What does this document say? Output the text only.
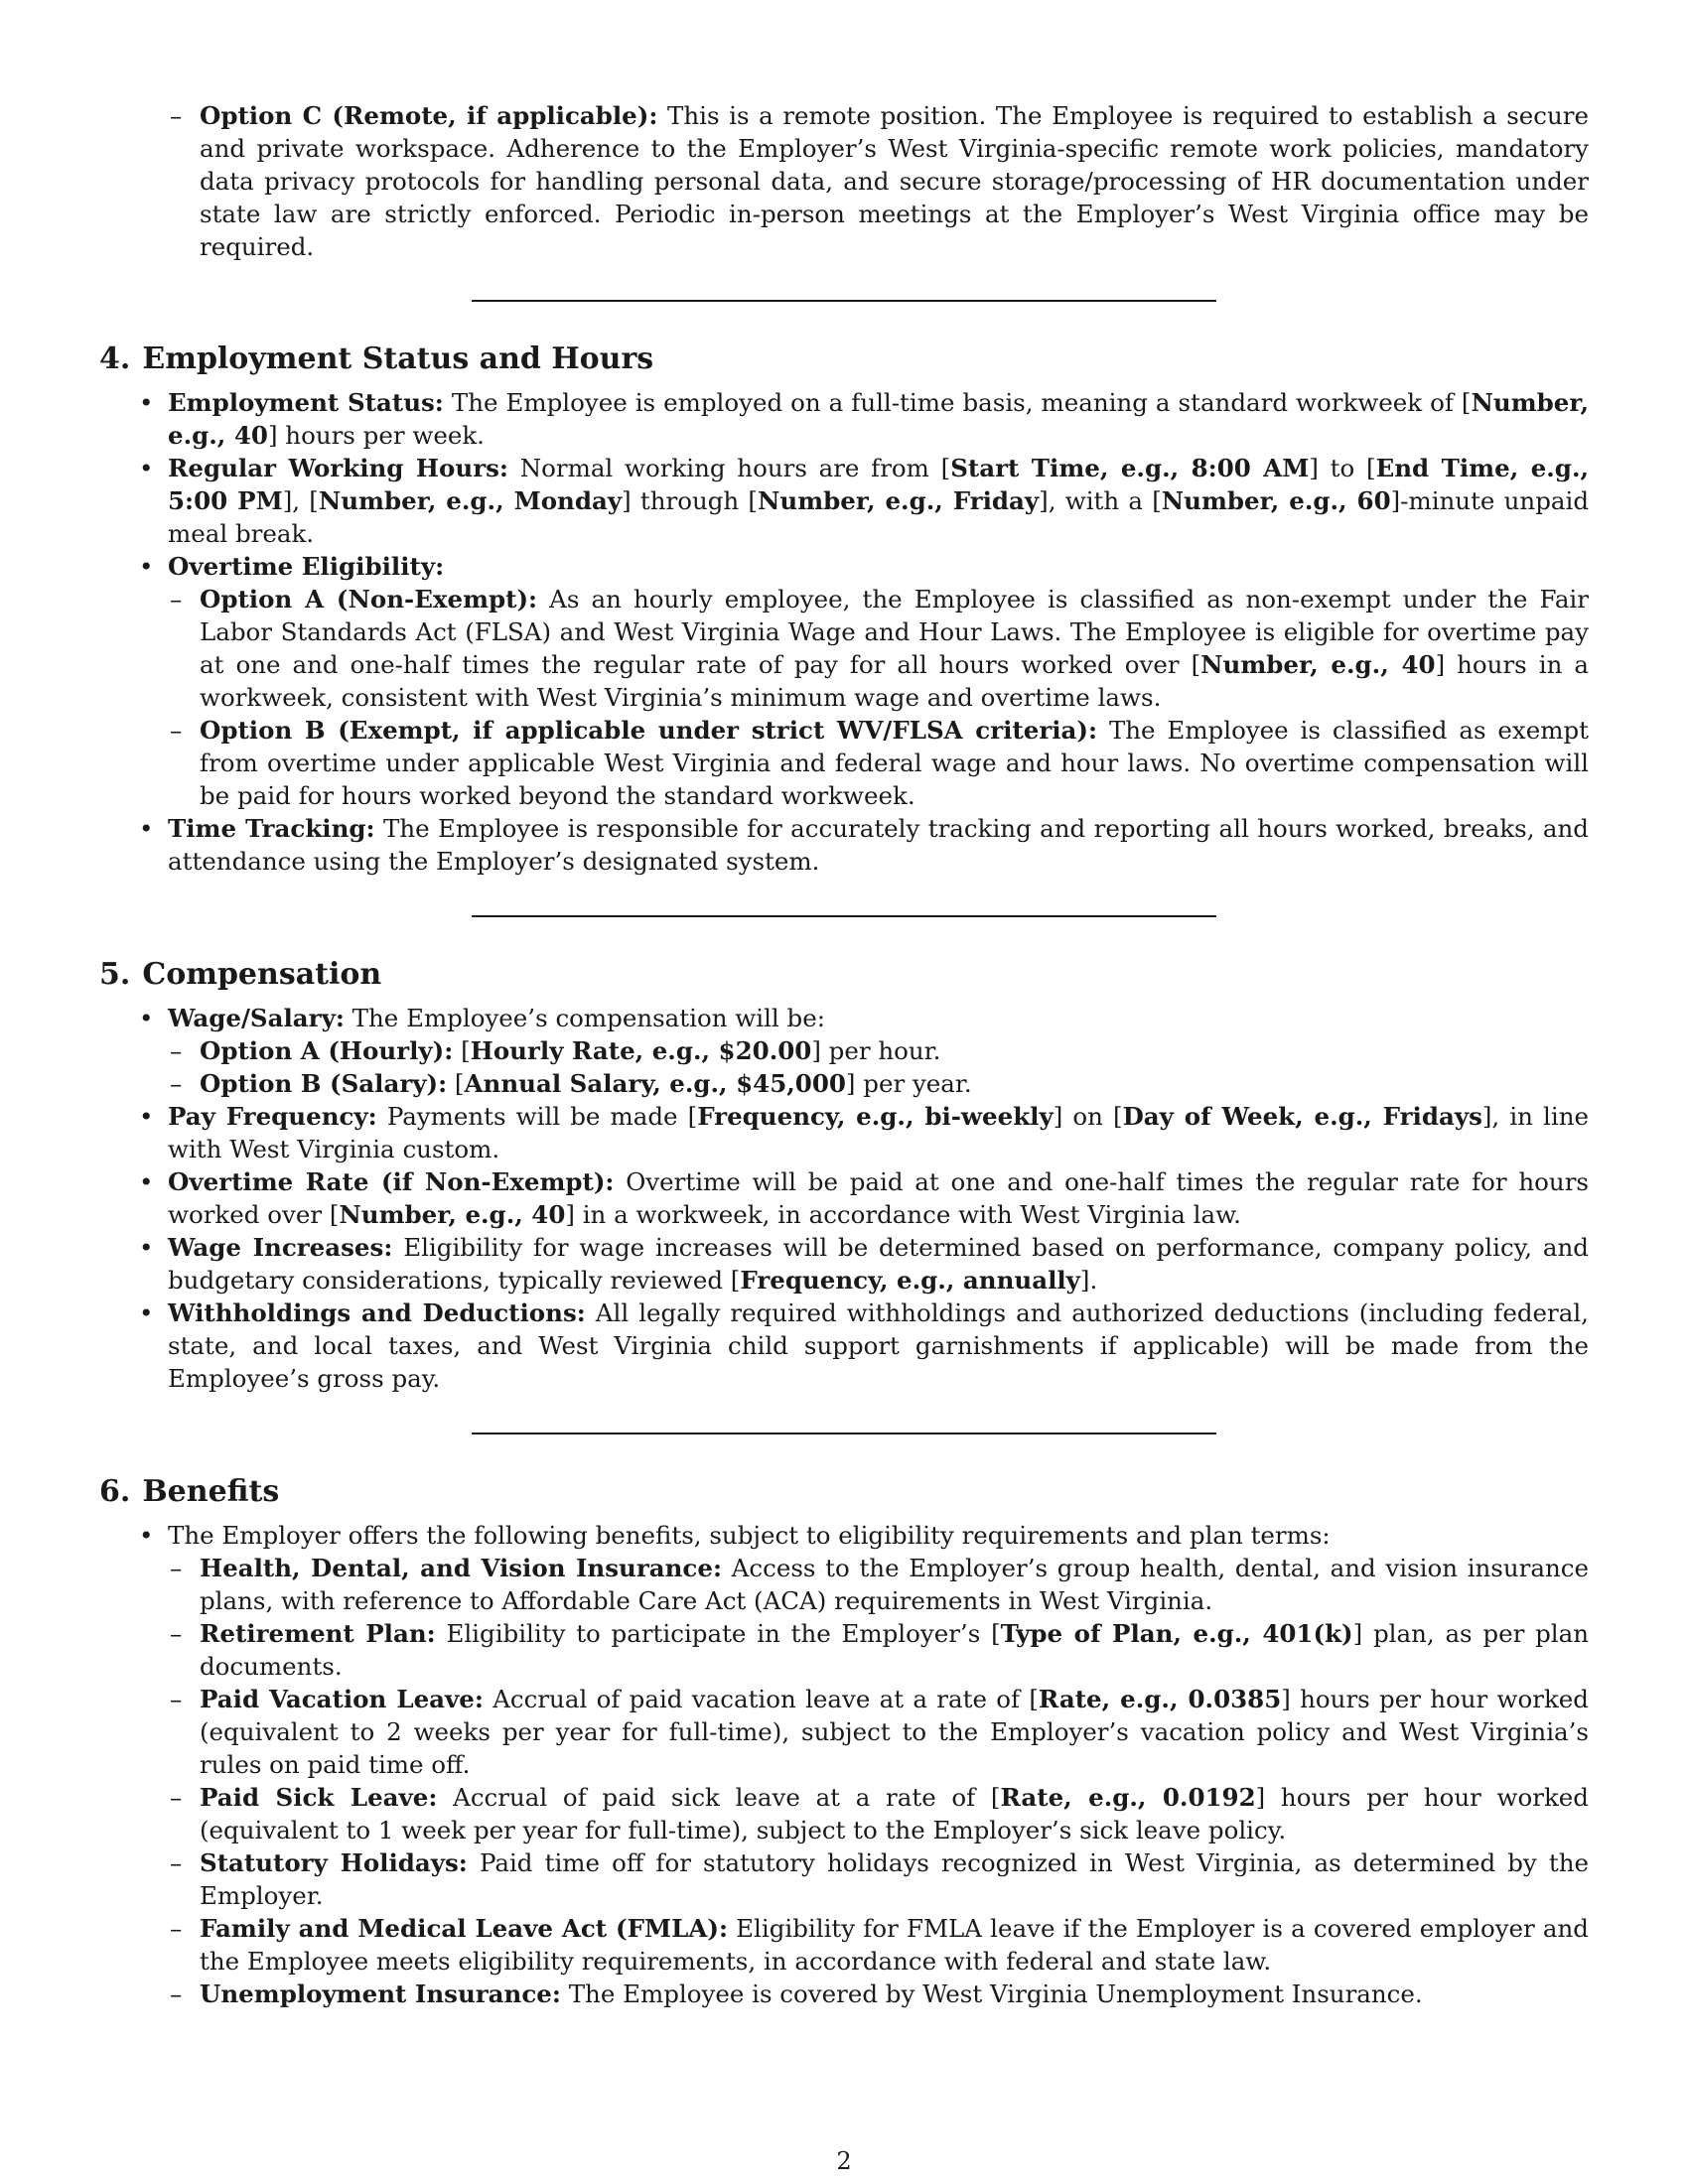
– Option C (Remote, if applicable): This is a remote position. The Employee is required to establish a secure and private workspace. Adherence to the Employer’s West Virginia-specific remote work policies, mandatory data privacy protocols for handling personal data, and secure storage/processing of HR documentation under state law are strictly enforced. Periodic in-person meetings at the Employer’s West Virginia office may be required.
4. Employment Status and Hours
• Employment Status: The Employee is employed on a full-time basis, meaning a standard workweek of [Number, e.g., 40] hours per week.
• Regular Working Hours: Normal working hours are from [Start Time, e.g., 8:00 AM] to [End Time, e.g., 5:00 PM], [Number, e.g., Monday] through [Number, e.g., Friday], with a [Number, e.g., 60]-minute unpaid meal break.
• Overtime Eligibility:
– Option A (Non-Exempt): As an hourly employee, the Employee is classified as non-exempt under the Fair Labor Standards Act (FLSA) and West Virginia Wage and Hour Laws. The Employee is eligible for overtime pay at one and one-half times the regular rate of pay for all hours worked over [Number, e.g., 40] hours in a workweek, consistent with West Virginia’s minimum wage and overtime laws.
– Option B (Exempt, if applicable under strict WV/FLSA criteria): The Employee is classified as exempt from overtime under applicable West Virginia and federal wage and hour laws. No overtime compensation will be paid for hours worked beyond the standard workweek.
• Time Tracking: The Employee is responsible for accurately tracking and reporting all hours worked, breaks, and attendance using the Employer’s designated system.
5. Compensation
• Wage/Salary: The Employee’s compensation will be:
– Option A (Hourly): [Hourly Rate, e.g., $20.00] per hour.
– Option B (Salary): [Annual Salary, e.g., $45,000] per year.
• Pay Frequency: Payments will be made [Frequency, e.g., bi-weekly] on [Day of Week, e.g., Fridays], in line with West Virginia custom.
• Overtime Rate (if Non-Exempt): Overtime will be paid at one and one-half times the regular rate for hours worked over [Number, e.g., 40] in a workweek, in accordance with West Virginia law.
• Wage Increases: Eligibility for wage increases will be determined based on performance, company policy, and budgetary considerations, typically reviewed [Frequency, e.g., annually].
• Withholdings and Deductions: All legally required withholdings and authorized deductions (including federal, state, and local taxes, and West Virginia child support garnishments if applicable) will be made from the Employee’s gross pay.
6. Benefits
• The Employer offers the following benefits, subject to eligibility requirements and plan terms:
– Health, Dental, and Vision Insurance: Access to the Employer’s group health, dental, and vision insurance plans, with reference to Affordable Care Act (ACA) requirements in West Virginia.
– Retirement Plan: Eligibility to participate in the Employer’s [Type of Plan, e.g., 401(k)] plan, as per plan documents.
– Paid Vacation Leave: Accrual of paid vacation leave at a rate of [Rate, e.g., 0.0385] hours per hour worked (equivalent to 2 weeks per year for full-time), subject to the Employer’s vacation policy and West Virginia’s rules on paid time off.
– Paid Sick Leave: Accrual of paid sick leave at a rate of [Rate, e.g., 0.0192] hours per hour worked (equivalent to 1 week per year for full-time), subject to the Employer’s sick leave policy.
– Statutory Holidays: Paid time off for statutory holidays recognized in West Virginia, as determined by the Employer.
– Family and Medical Leave Act (FMLA): Eligibility for FMLA leave if the Employer is a covered employer and the Employee meets eligibility requirements, in accordance with federal and state law.
– Unemployment Insurance: The Employee is covered by West Virginia Unemployment Insurance.
2
